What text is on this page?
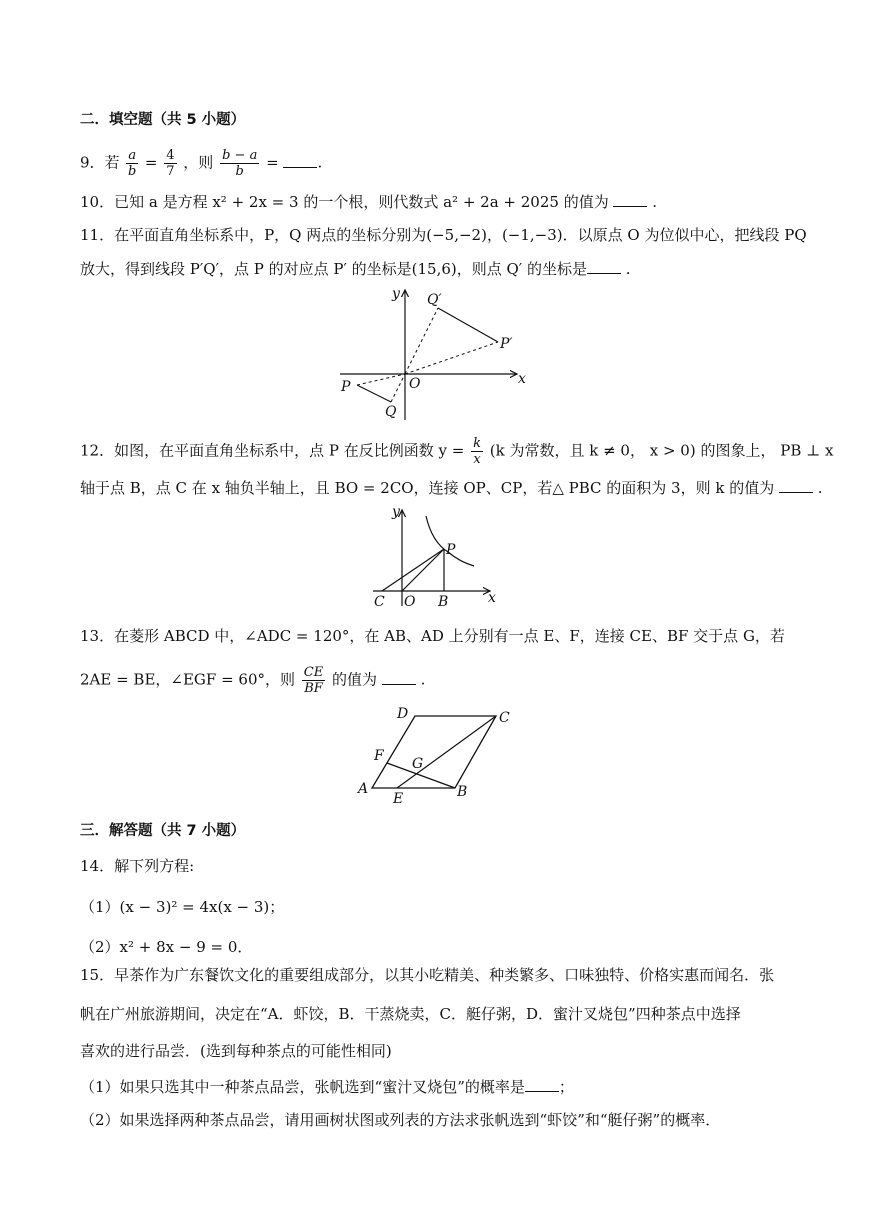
二．填空题（共 5 小题）
9．若 $\frac{a}{b} = \frac{4}{7}$ ，则 $\frac{b - a}{b}$ =	.
10．已知 a 是方程 x² + 2x = 3 的一个根，则代数式 a² + 2a + 2025 的值为	.
11．在平面直角坐标系中，P，Q 两点的坐标分别为(−5,−2)，(−1,−3)．以原点 O 为位似中心，把线段 PQ
放大，得到线段 P′Q′，点 P 的对应点 P′ 的坐标是(15,6)，则点 Q′ 的坐标是	.
y
x
O
Q′
P′
P
Q
12．如图，在平面直角坐标系中，点 P 在反比例函数 $y = \frac{k}{x} (k$ 为常数，且 k ≠ 0， x > 0) 的图象上， PB ⊥ x
轴于点 B，点 C 在 x 轴负半轴上，且 BO = 2CO，连接 OP、CP，若△ PBC 的面积为 3，则 k 的值为	.
y
x
C O B
P
13．在菱形 ABCD 中，∠ADC = 120°，在 AB、AD 上分别有一点 E、F，连接 CE、BF 交于点 G，若
2AE = BE，∠EGF = 60°，则 $\frac{CE}{BF}$ 的值为	.
D	C
F G
A
E	B
三．解答题（共 7 小题）
14．解下列方程:
（1）(x − 3)² = 4x(x − 3)；
（2）x² + 8x − 9 = 0．
15．早茶作为广东餐饮文化的重要组成部分，以其小吃精美、种类繁多、口味独特、价格实惠而闻名．张
帆在广州旅游期间，决定在“A．虾饺，B．干蒸烧卖，C．艇仔粥，D．蜜汁叉烧包”四种茶点中选择
喜欢的进行品尝．(选到每种茶点的可能性相同)
（1）如果只选其中一种茶点品尝，张帆选到“蜜汁叉烧包”的概率是 ；
（2）如果选择两种茶点品尝，请用画树状图或列表的方法求张帆选到“虾饺”和“艇仔粥”的概率．
